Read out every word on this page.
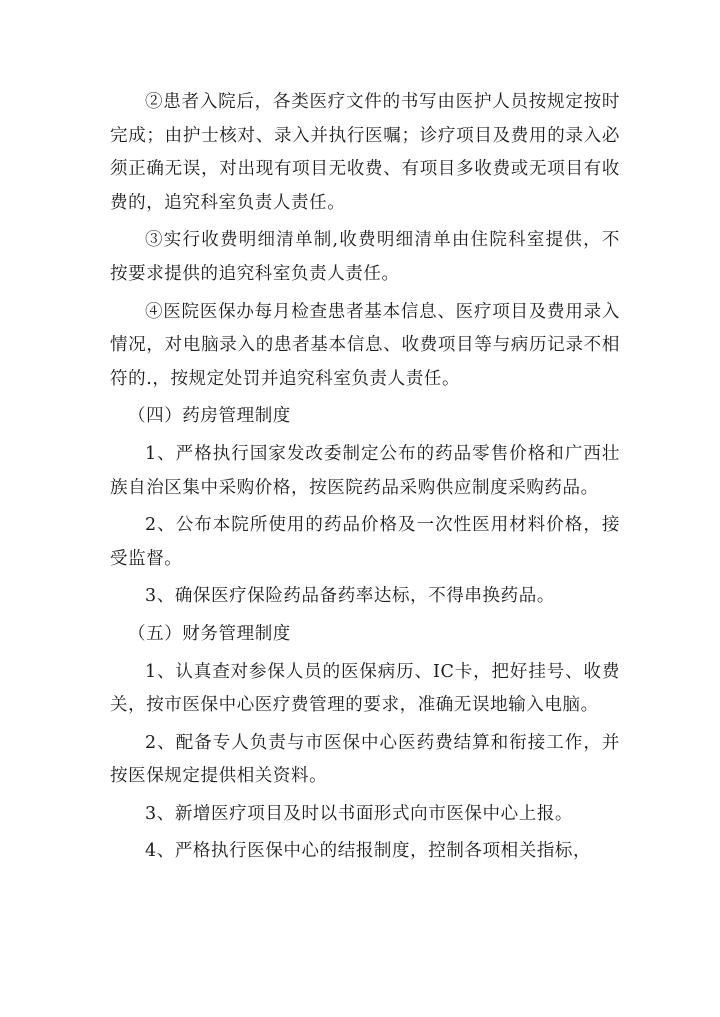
②患者入院后，各类医疗文件的书写由医护人员按规定按时完成；由护士核对、录入并执行医嘱；诊疗项目及费用的录入必须正确无误，对出现有项目无收费、有项目多收费或无项目有收费的，追究科室负责人责任。

③实行收费明细清单制,收费明细清单由住院科室提供，不按要求提供的追究科室负责人责任。

④医院医保办每月检查患者基本信息、医疗项目及费用录入情况，对电脑录入的患者基本信息、收费项目等与病历记录不相符的.，按规定处罚并追究科室负责人责任。

（四）药房管理制度

1、严格执行国家发改委制定公布的药品零售价格和广西壮族自治区集中采购价格，按医院药品采购供应制度采购药品。

2、公布本院所使用的药品价格及一次性医用材料价格，接受监督。

3、确保医疗保险药品备药率达标，不得串换药品。

（五）财务管理制度

1、认真查对参保人员的医保病历、IC卡，把好挂号、收费关，按市医保中心医疗费管理的要求，准确无误地输入电脑。

2、配备专人负责与市医保中心医药费结算和衔接工作，并按医保规定提供相关资料。

3、新增医疗项目及时以书面形式向市医保中心上报。

4、严格执行医保中心的结报制度，控制各项相关指标，
